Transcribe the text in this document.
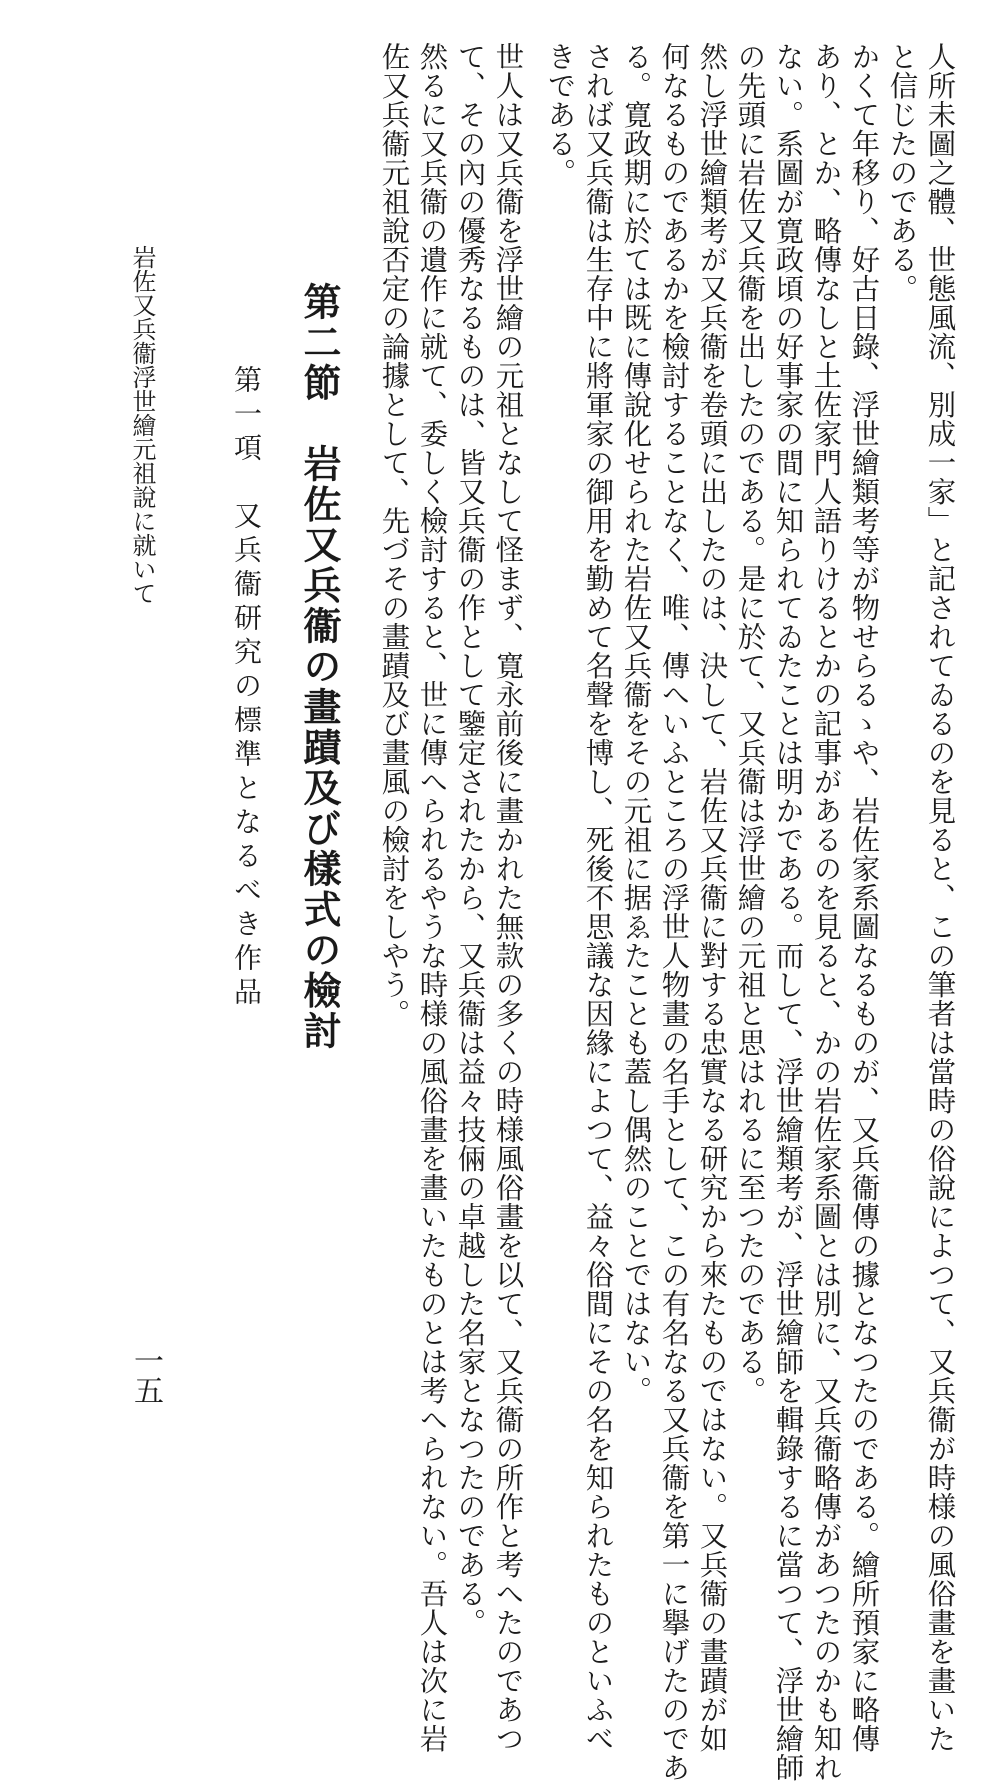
人所未圖之體、世態風流、別成一家」と記されてゐるのを見ると、この筆者は當時の俗說によつて、又兵衞が時様の風俗畫を畫いた
と信じたのである。
かくて年移り、好古日錄、浮世繪類考等が物せらるゝや、岩佐家系圖なるものが、又兵衞傳の據となつたのである。繪所預家に略傳
あり、とか、略傳なしと土佐家門人語りけるとかの記事があるのを見ると、かの岩佐家系圖とは別に、又兵衞略傳があつたのかも知れ
ない。系圖が寛政頃の好事家の間に知られてゐたことは明かである。而して、浮世繪類考が、浮世繪師を輯錄するに當つて、浮世繪師
の先頭に岩佐又兵衞を出したのである。是に於て、又兵衞は浮世繪の元祖と思はれるに至つたのである。
然し浮世繪類考が又兵衞を卷頭に出したのは、決して、岩佐又兵衞に對する忠實なる研究から來たものではない。又兵衞の畫蹟が如
何なるものであるかを檢討することなく、唯、傳へいふところの浮世人物畫の名手として、この有名なる又兵衞を第一に擧げたのであ
る。寛政期に於ては既に傳說化せられた岩佐又兵衞をその元祖に据ゑたことも蓋し偶然のことではない。
されば又兵衞は生存中に將軍家の御用を勤めて名聲を博し、死後不思議な因緣によつて、益々俗間にその名を知られたものといふべ
きである。
世人は又兵衞を浮世繪の元祖となして怪まず、寛永前後に畫かれた無款の多くの時様風俗畫を以て、又兵衞の所作と考へたのであつ
て、その內の優秀なるものは、皆又兵衞の作として鑒定されたから、又兵衞は益々技倆の卓越した名家となつたのである。
然るに又兵衞の遺作に就て、委しく檢討すると、世に傳へられるやうな時様の風俗畫を畫いたものとは考へられない。吾人は次に岩
佐又兵衞元祖說否定の論據として、先づその畫蹟及び畫風の檢討をしやう。
第二節　岩佐又兵衞の畫蹟及び樣式の檢討
第一項　又兵衞研究の標準となるべき作品
岩佐又兵衞浮世繪元祖說に就いて
一五
